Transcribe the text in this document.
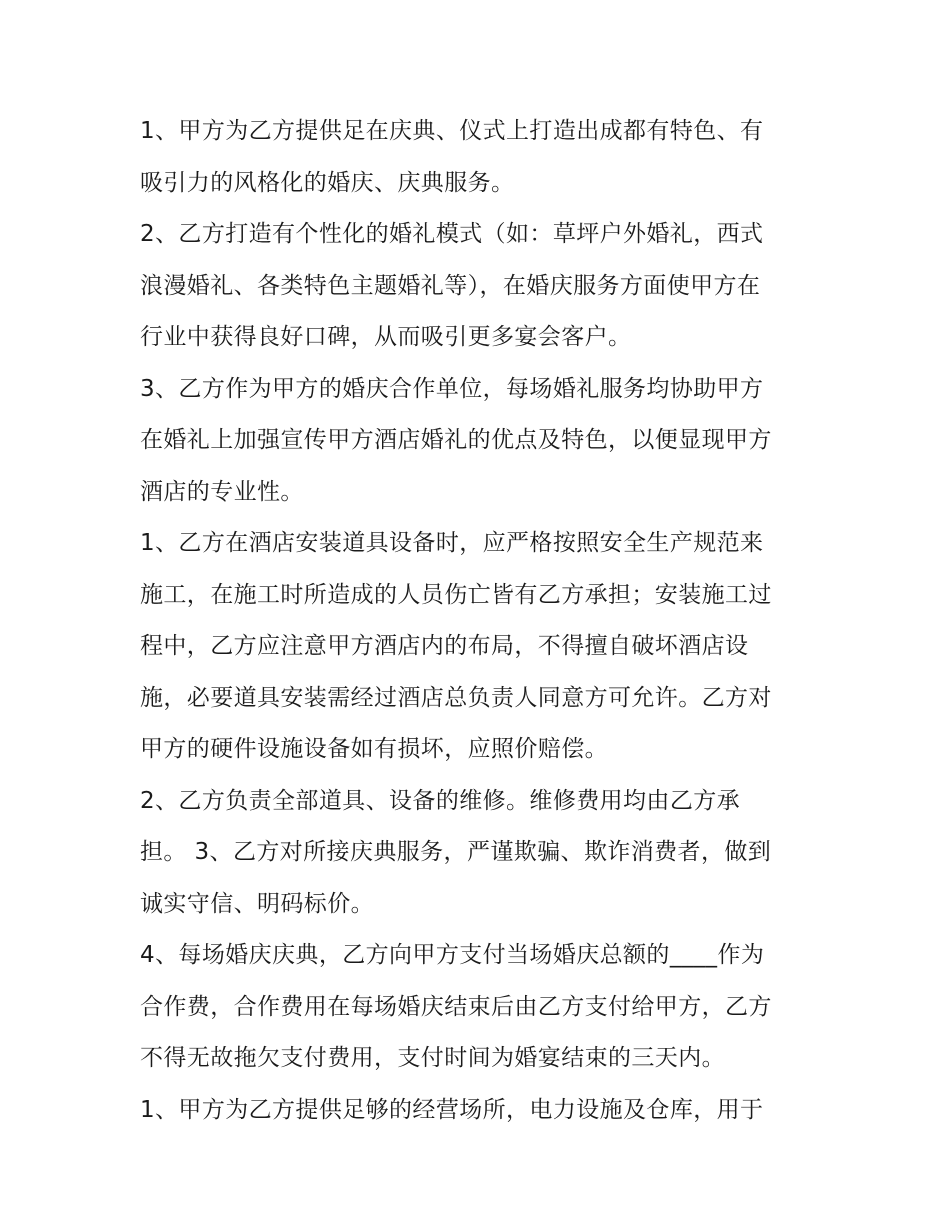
1、甲方为乙方提供足在庆典、仪式上打造出成都有特色、有
吸引力的风格化的婚庆、庆典服务。
2、乙方打造有个性化的婚礼模式（如：草坪户外婚礼，西式
浪漫婚礼、各类特色主题婚礼等），在婚庆服务方面使甲方在
行业中获得良好口碑，从而吸引更多宴会客户。
3、乙方作为甲方的婚庆合作单位，每场婚礼服务均协助甲方
在婚礼上加强宣传甲方酒店婚礼的优点及特色，以便显现甲方
酒店的专业性。
1、乙方在酒店安装道具设备时，应严格按照安全生产规范来
施工，在施工时所造成的人员伤亡皆有乙方承担；安装施工过
程中，乙方应注意甲方酒店内的布局，不得擅自破坏酒店设
施，必要道具安装需经过酒店总负责人同意方可允许。乙方对
甲方的硬件设施设备如有损坏，应照价赔偿。
2、乙方负责全部道具、设备的维修。维修费用均由乙方承
担。 3、乙方对所接庆典服务，严谨欺骗、欺诈消费者，做到
诚实守信、明码标价。
4、每场婚庆庆典，乙方向甲方支付当场婚庆总额的____作为
合作费，合作费用在每场婚庆结束后由乙方支付给甲方，乙方
不得无故拖欠支付费用，支付时间为婚宴结束的三天内。
1、甲方为乙方提供足够的经营场所，电力设施及仓库，用于
